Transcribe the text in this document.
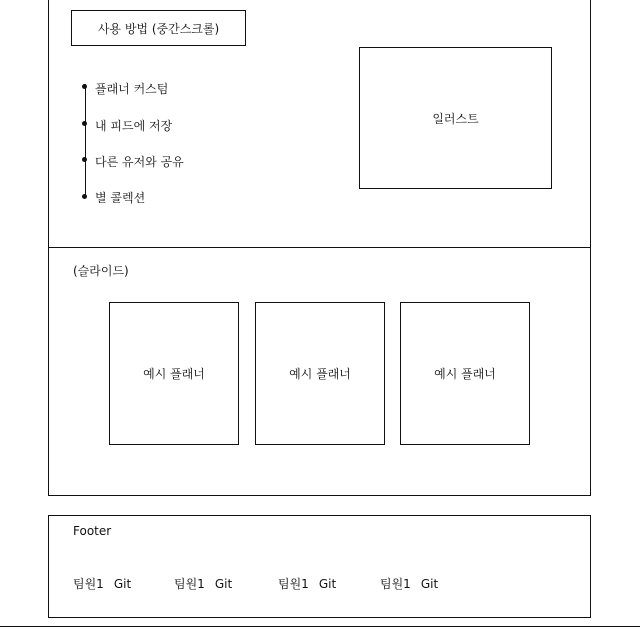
사용 방법 (중간스크롤)
플래너 커스텀
내 피드에 저장
다른 유저와 공유
별 콜렉션
일러스트
(슬라이드)
예시 플래너	예시 플래너	예시 플래너
Footer
팀원1 Git	팀원1 Git	팀원1 Git	팀원1 Git
